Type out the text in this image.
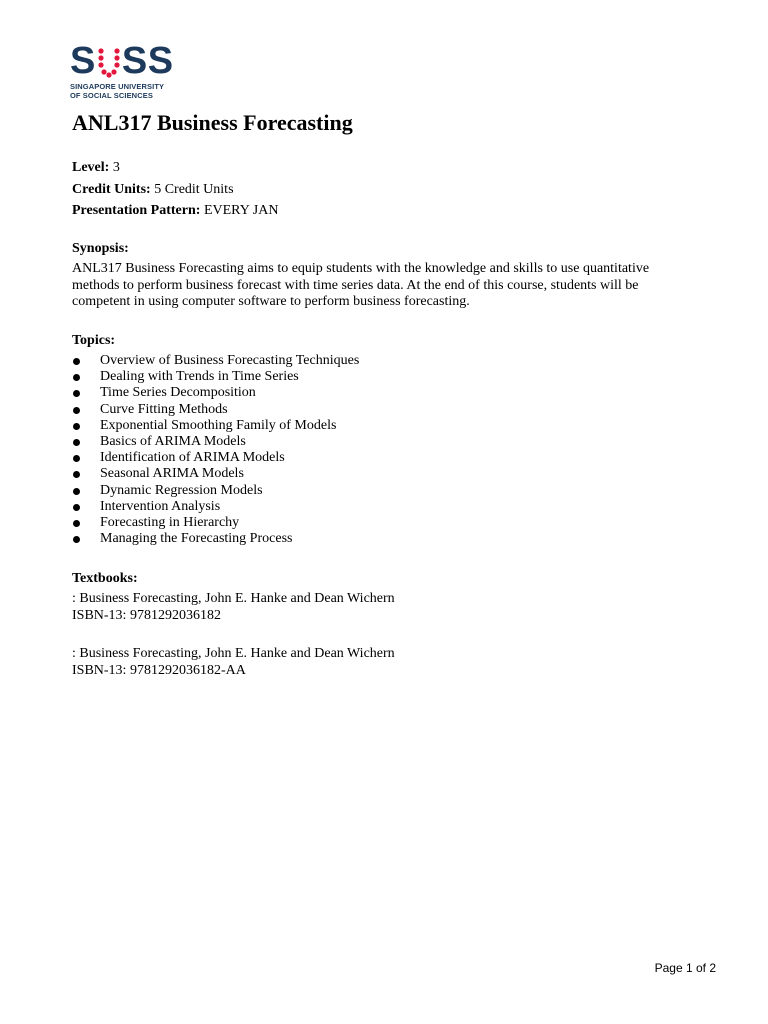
S SS
SINGAPORE UNIVERSITY
OF SOCIAL SCIENCES
ANL317 Business Forecasting
Level: 3
Credit Units: 5 Credit Units
Presentation Pattern: EVERY JAN
Synopsis:
ANL317 Business Forecasting aims to equip students with the knowledge and skills to use quantitative
methods to perform business forecast with time series data. At the end of this course, students will be
competent in using computer software to perform business forecasting.
Topics:
Overview of Business Forecasting Techniques
Dealing with Trends in Time Series
Time Series Decomposition
Curve Fitting Methods
Exponential Smoothing Family of Models
Basics of ARIMA Models
Identification of ARIMA Models
Seasonal ARIMA Models
Dynamic Regression Models
Intervention Analysis
Forecasting in Hierarchy
Managing the Forecasting Process
Textbooks:
: Business Forecasting, John E. Hanke and Dean Wichern
ISBN-13: 9781292036182
: Business Forecasting, John E. Hanke and Dean Wichern
ISBN-13: 9781292036182-AA
Page 1 of 2
